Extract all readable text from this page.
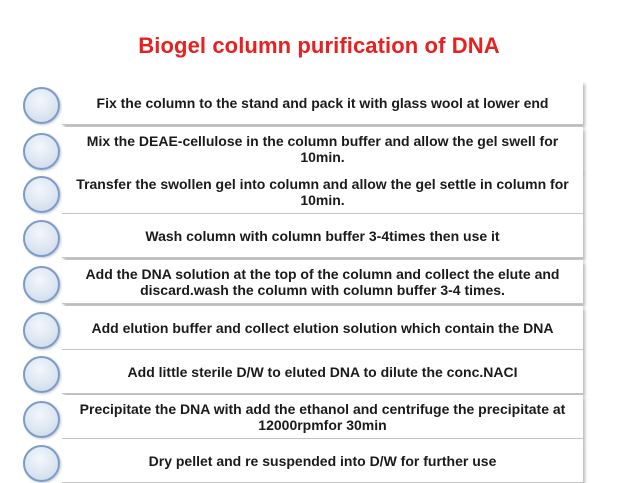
Biogel column purification of DNA
Fix the column to the stand and pack it with glass wool at lower end
Mix the DEAE-cellulose in the column buffer and allow the gel swell for 10min.
Transfer the swollen gel into column and allow the gel settle in column for 10min.
Wash column with column buffer 3-4times then use it
Add the DNA solution at the top of the column and collect the elute and discard.wash the column with column buffer 3-4 times.
Add elution buffer and collect elution solution which contain the DNA
Add little sterile D/W to eluted DNA to dilute the conc.NACI
Precipitate the DNA with add the ethanol and centrifuge the precipitate at 12000rpmfor 30min
Dry pellet and re suspended into D/W for further use
